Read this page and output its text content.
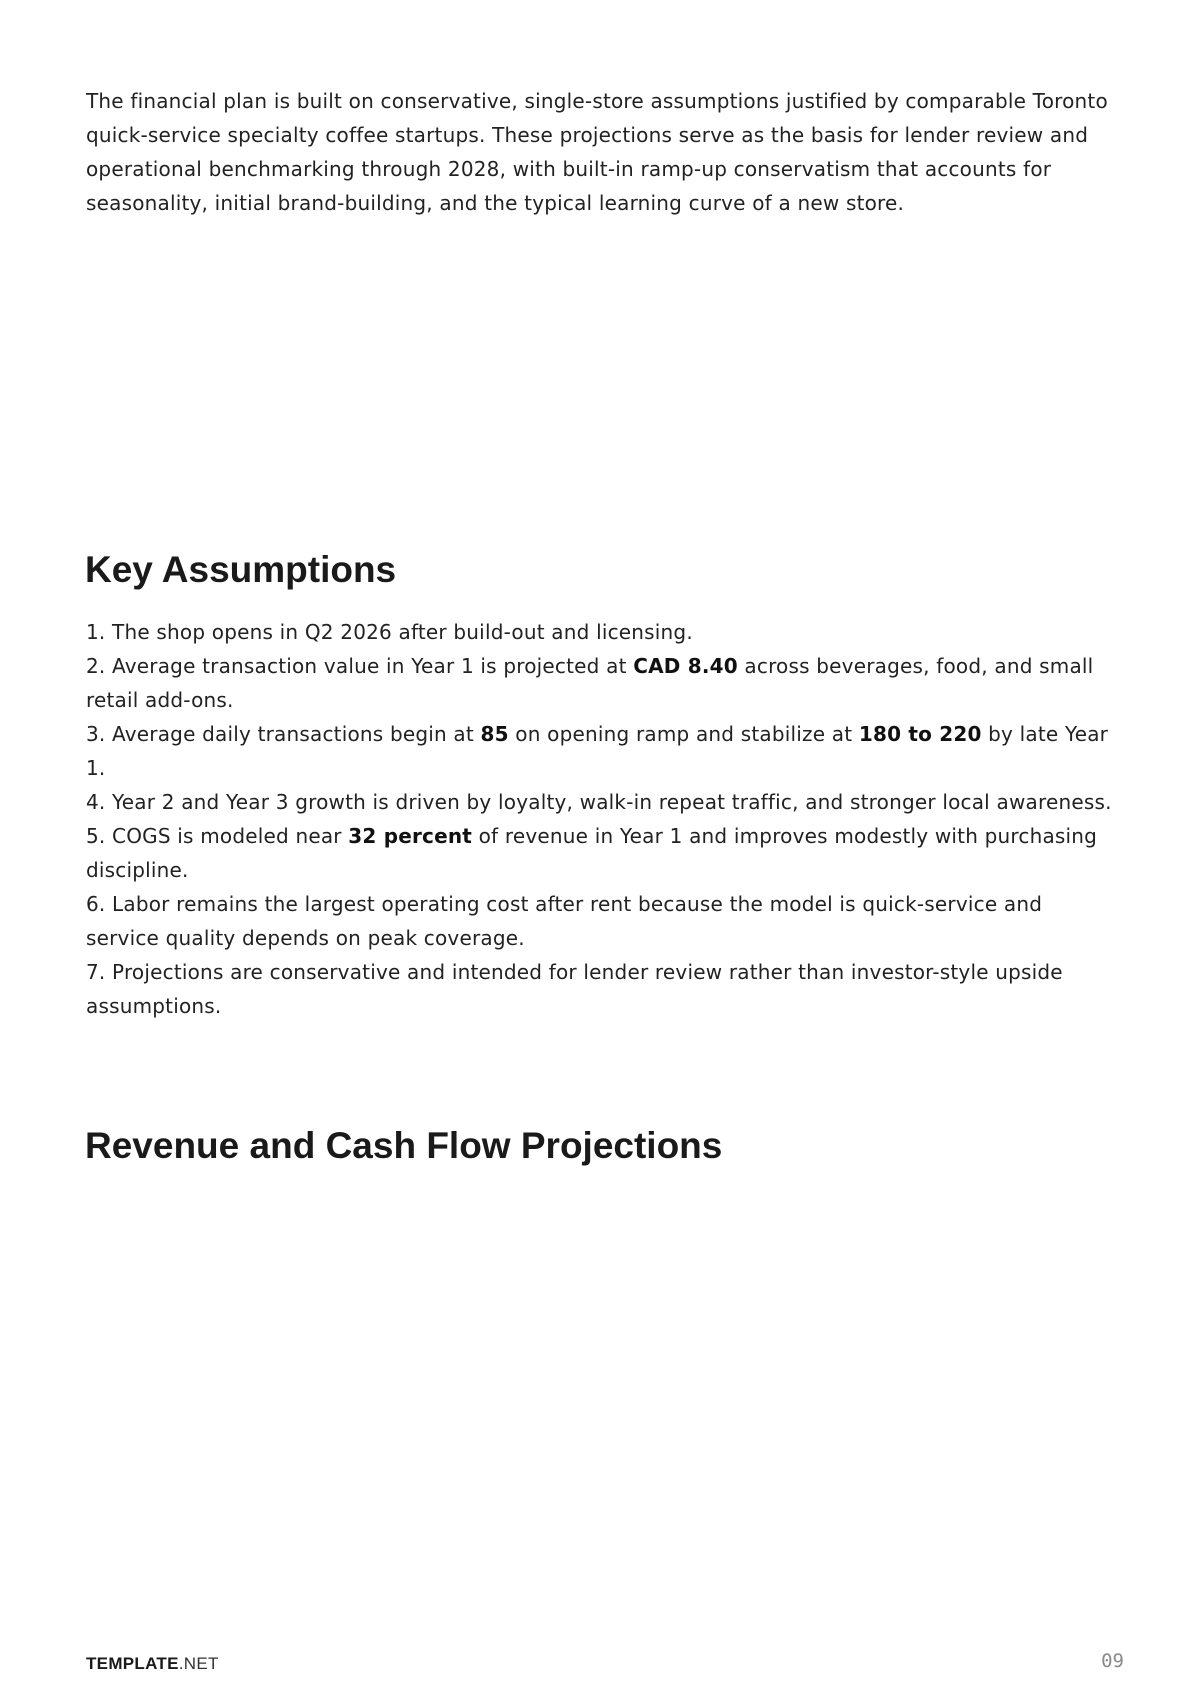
The financial plan is built on conservative, single-store assumptions justified by comparable Toronto quick-service specialty coffee startups. These projections serve as the basis for lender review and operational benchmarking through 2028, with built-in ramp-up conservatism that accounts for seasonality, initial brand-building, and the typical learning curve of a new store.

Key Assumptions
1. The shop opens in Q2 2026 after build-out and licensing.
2. Average transaction value in Year 1 is projected at CAD 8.40 across beverages, food, and small retail add-ons.
3. Average daily transactions begin at 85 on opening ramp and stabilize at 180 to 220 by late Year 1.
4. Year 2 and Year 3 growth is driven by loyalty, walk-in repeat traffic, and stronger local awareness.
5. COGS is modeled near 32 percent of revenue in Year 1 and improves modestly with purchasing discipline.
6. Labor remains the largest operating cost after rent because the model is quick-service and service quality depends on peak coverage.
7. Projections are conservative and intended for lender review rather than investor-style upside assumptions.
Revenue and Cash Flow Projections
TEMPLATE.NET	09
